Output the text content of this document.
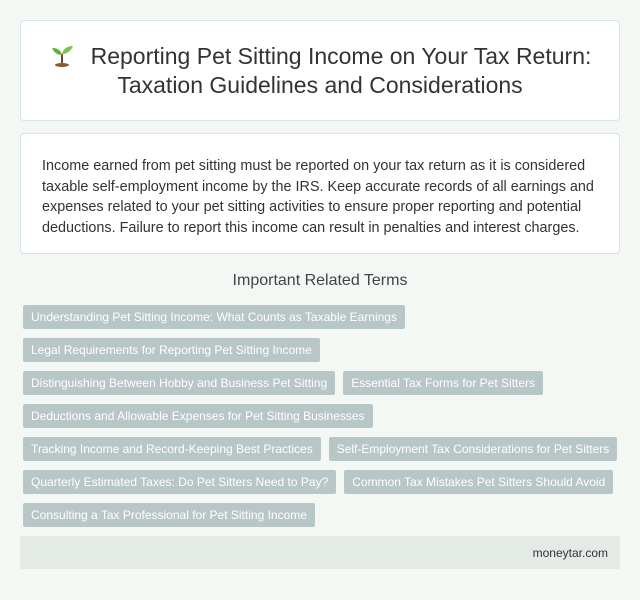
Reporting Pet Sitting Income on Your Tax Return: Taxation Guidelines and Considerations

Income earned from pet sitting must be reported on your tax return as it is considered taxable self-employment income by the IRS. Keep accurate records of all earnings and expenses related to your pet sitting activities to ensure proper reporting and potential deductions. Failure to report this income can result in penalties and interest charges.

Important Related Terms
Understanding Pet Sitting Income: What Counts as Taxable Earnings
Legal Requirements for Reporting Pet Sitting Income
Distinguishing Between Hobby and Business Pet Sitting	Essential Tax Forms for Pet Sitters
Deductions and Allowable Expenses for Pet Sitting Businesses
Tracking Income and Record-Keeping Best Practices	Self-Employment Tax Considerations for Pet Sitters
Quarterly Estimated Taxes: Do Pet Sitters Need to Pay?	Common Tax Mistakes Pet Sitters Should Avoid
Consulting a Tax Professional for Pet Sitting Income
moneytar.com
